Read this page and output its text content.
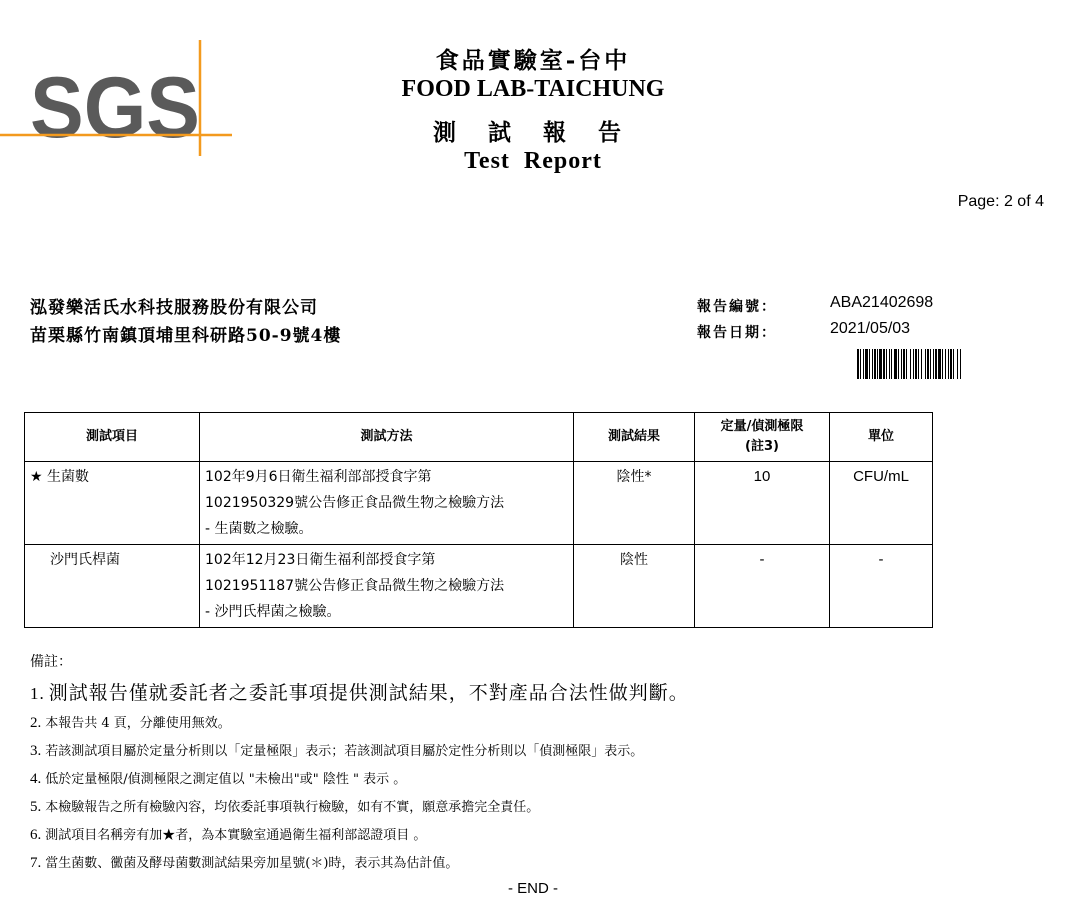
SGS	食品實驗室-台中
FOOD LAB-TAICHUNG
測 試 報 告
Test  Report
Page: 2 of 4
泓發樂活氏水科技服務股份有限公司
苗栗縣竹南鎮頂埔里科研路50-9號4樓
報告編號：	ABA21402698
報告日期：	2021/05/03
測試項目	測試方法	測試結果	定量/偵測極限(註3)	單位
★ 生菌數	102年9月6日衛生福利部部授食字第
1021950329號公告修正食品微生物之檢驗方法
- 生菌數之檢驗。	陰性*	10	CFU/mL
沙門氏桿菌	102年12月23日衛生福利部授食字第
1021951187號公告修正食品微生物之檢驗方法
- 沙門氏桿菌之檢驗。	陰性	-	-
備註：
1. 測試報告僅就委託者之委託事項提供測試結果，不對產品合法性做判斷。
2. 本報告共 4 頁，分離使用無效。
3. 若該測試項目屬於定量分析則以「定量極限」表示；若該測試項目屬於定性分析則以「偵測極限」表示。
4. 低於定量極限/偵測極限之測定值以 "未檢出"或" 陰性 " 表示 。
5. 本檢驗報告之所有檢驗內容，均依委託事項執行檢驗，如有不實，願意承擔完全責任。
6. 測試項目名稱旁有加★者，為本實驗室通過衛生福利部認證項目 。
7. 當生菌數、黴菌及酵母菌數測試結果旁加星號(＊)時，表示其為估計值。
- END -
